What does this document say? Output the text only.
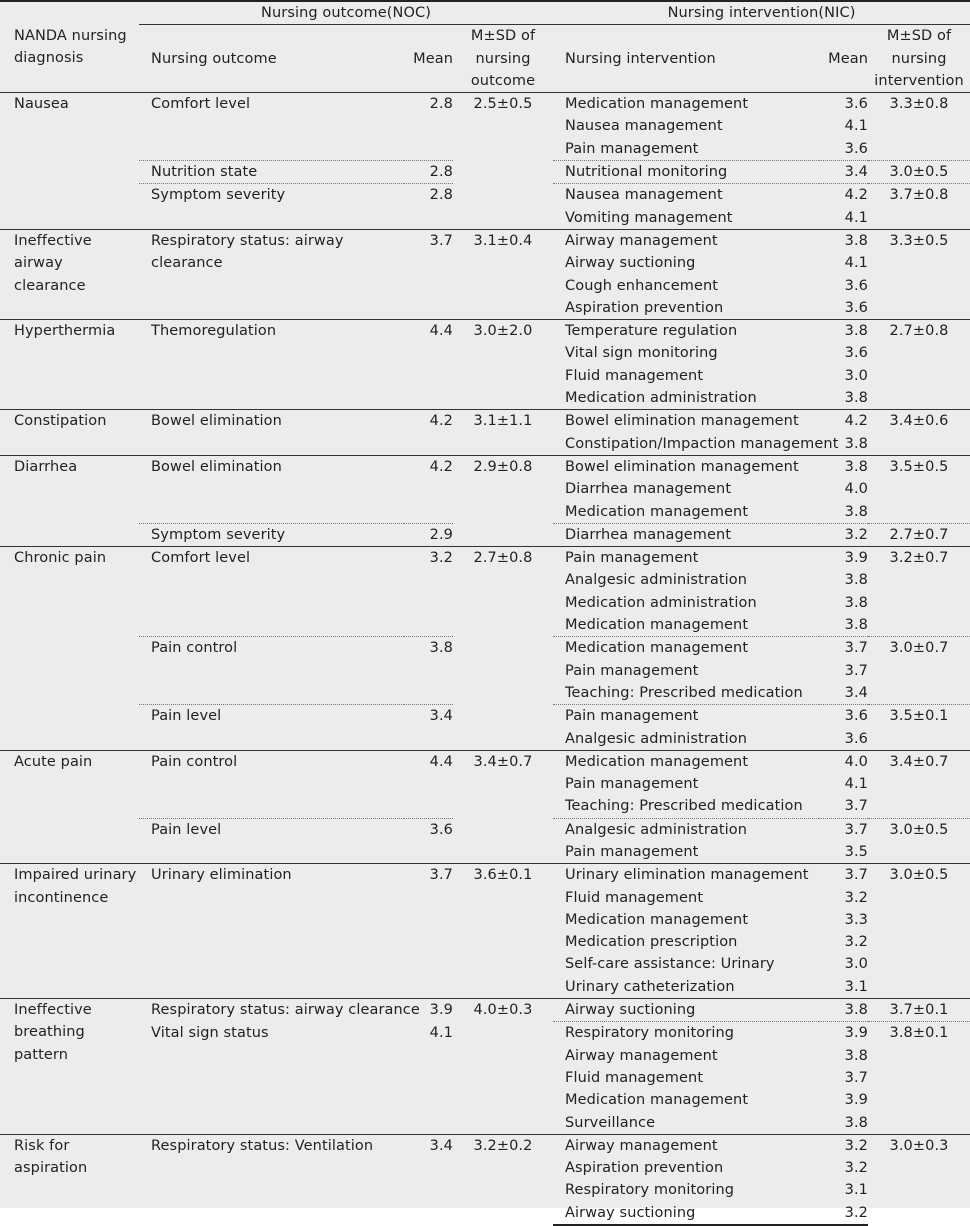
NANDA nursing diagnosis	Nursing outcome(NOC)			Nursing intervention(NIC)		
	Nursing outcome	Mean	M±SD of nursing outcome	Nursing intervention	Mean	M±SD of nursing intervention
Nausea	Comfort level	2.8	2.5±0.5	Medication management	3.6	3.3±0.8
				Nausea management	4.1	
				Pain management	3.6	
	Nutrition state	2.8		Nutritional monitoring	3.4	3.0±0.5
	Symptom severity	2.8		Nausea management	4.2	3.7±0.8
				Vomiting management	4.1	
Ineffective airway clearance	Respiratory status: airway clearance	3.7	3.1±0.4	Airway management	3.8	3.3±0.5
				Airway suctioning	4.1	
				Cough enhancement	3.6	
				Aspiration prevention	3.6	
Hyperthermia	Themoregulation	4.4	3.0±2.0	Temperature regulation	3.8	2.7±0.8
				Vital sign monitoring	3.6	
				Fluid management	3.0	
				Medication administration	3.8	
Constipation	Bowel elimination	4.2	3.1±1.1	Bowel elimination management	4.2	3.4±0.6
				Constipation/Impaction management	3.8	
Diarrhea	Bowel elimination	4.2	2.9±0.8	Bowel elimination management	3.8	3.5±0.5
				Diarrhea management	4.0	
				Medication management	3.8	
	Symptom severity	2.9		Diarrhea management	3.2	2.7±0.7
Chronic pain	Comfort level	3.2	2.7±0.8	Pain management	3.9	3.2±0.7
				Analgesic administration	3.8	
				Medication administration	3.8	
				Medication management	3.8	
	Pain control	3.8		Medication management	3.7	3.0±0.7
				Pain management	3.7	
				Teaching: Prescribed medication	3.4	
	Pain level	3.4		Pain management	3.6	3.5±0.1
				Analgesic administration	3.6	
Acute pain	Pain control	4.4	3.4±0.7	Medication management	4.0	3.4±0.7
				Pain management	4.1	
				Teaching: Prescribed medication	3.7	
	Pain level	3.6		Analgesic administration	3.7	3.0±0.5
				Pain management	3.5	
Impaired urinary incontinence	Urinary elimination	3.7	3.6±0.1	Urinary elimination management	3.7	3.0±0.5
				Fluid management	3.2	
				Medication management	3.3	
				Medication prescription	3.2	
				Self-care assistance: Urinary	3.0	
				Urinary catheterization	3.1	
Ineffective breathing pattern	Respiratory status: airway clearance	3.9	4.0±0.3	Airway suctioning	3.8	3.7±0.1
	Vital sign status	4.1		Respiratory monitoring	3.9	3.8±0.1
				Airway management	3.8	
				Fluid management	3.7	
				Medication management	3.9	
				Surveillance	3.8	
Risk for aspiration	Respiratory status: Ventilation	3.4	3.2±0.2	Airway management	3.2	3.0±0.3
				Aspiration prevention	3.2	
				Respiratory monitoring	3.1	
				Airway suctioning	3.2	
